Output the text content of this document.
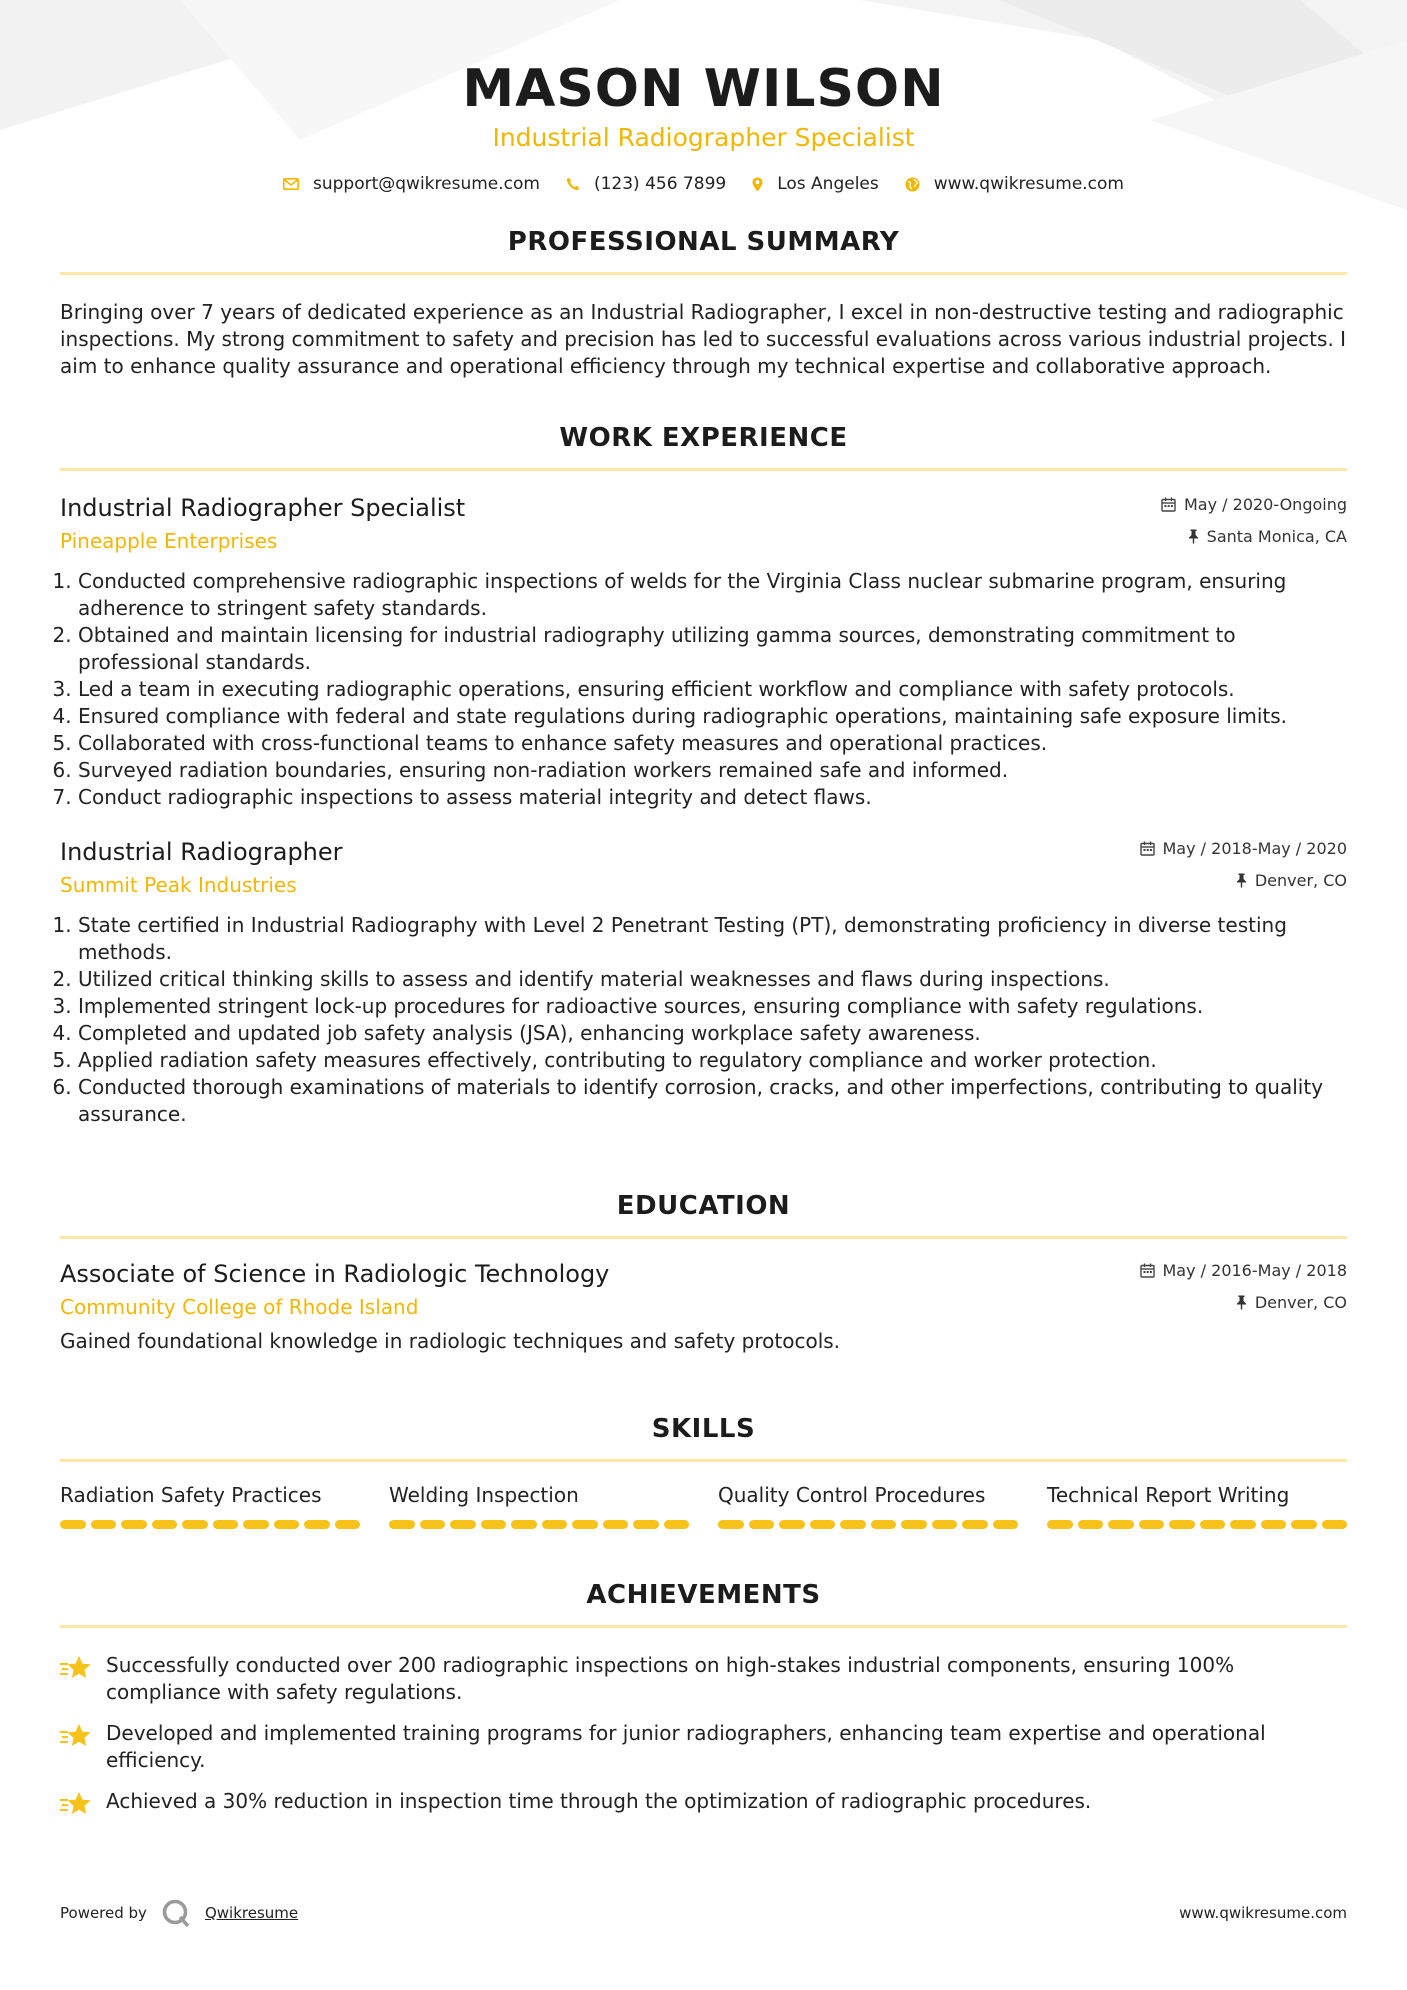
MASON WILSON
Industrial Radiographer Specialist
support@qwikresume.com	(123) 456 7899	Los Angeles	www.qwikresume.com
PROFESSIONAL SUMMARY
Bringing over 7 years of dedicated experience as an Industrial Radiographer, I excel in non-destructive testing and radiographic inspections. My strong commitment to safety and precision has led to successful evaluations across various industrial projects. I aim to enhance quality assurance and operational efficiency through my technical expertise and collaborative approach.
WORK EXPERIENCE
Industrial Radiographer Specialist
Pineapple Enterprises
May / 2020-Ongoing
Santa Monica, CA
1. Conducted comprehensive radiographic inspections of welds for the Virginia Class nuclear submarine program, ensuring adherence to stringent safety standards.
2. Obtained and maintain licensing for industrial radiography utilizing gamma sources, demonstrating commitment to professional standards.
3. Led a team in executing radiographic operations, ensuring efficient workflow and compliance with safety protocols.
4. Ensured compliance with federal and state regulations during radiographic operations, maintaining safe exposure limits.
5. Collaborated with cross-functional teams to enhance safety measures and operational practices.
6. Surveyed radiation boundaries, ensuring non-radiation workers remained safe and informed.
7. Conduct radiographic inspections to assess material integrity and detect flaws.
Industrial Radiographer
Summit Peak Industries
May / 2018-May / 2020
Denver, CO
1. State certified in Industrial Radiography with Level 2 Penetrant Testing (PT), demonstrating proficiency in diverse testing methods.
2. Utilized critical thinking skills to assess and identify material weaknesses and flaws during inspections.
3. Implemented stringent lock-up procedures for radioactive sources, ensuring compliance with safety regulations.
4. Completed and updated job safety analysis (JSA), enhancing workplace safety awareness.
5. Applied radiation safety measures effectively, contributing to regulatory compliance and worker protection.
6. Conducted thorough examinations of materials to identify corrosion, cracks, and other imperfections, contributing to quality assurance.
EDUCATION
Associate of Science in Radiologic Technology
Community College of Rhode Island
May / 2016-May / 2018
Denver, CO
Gained foundational knowledge in radiologic techniques and safety protocols.
SKILLS
Radiation Safety Practices	Welding Inspection	Quality Control Procedures	Technical Report Writing
ACHIEVEMENTS
Successfully conducted over 200 radiographic inspections on high-stakes industrial components, ensuring 100% compliance with safety regulations.
Developed and implemented training programs for junior radiographers, enhancing team expertise and operational efficiency.
Achieved a 30% reduction in inspection time through the optimization of radiographic procedures.
Powered by	Qwikresume	www.qwikresume.com
